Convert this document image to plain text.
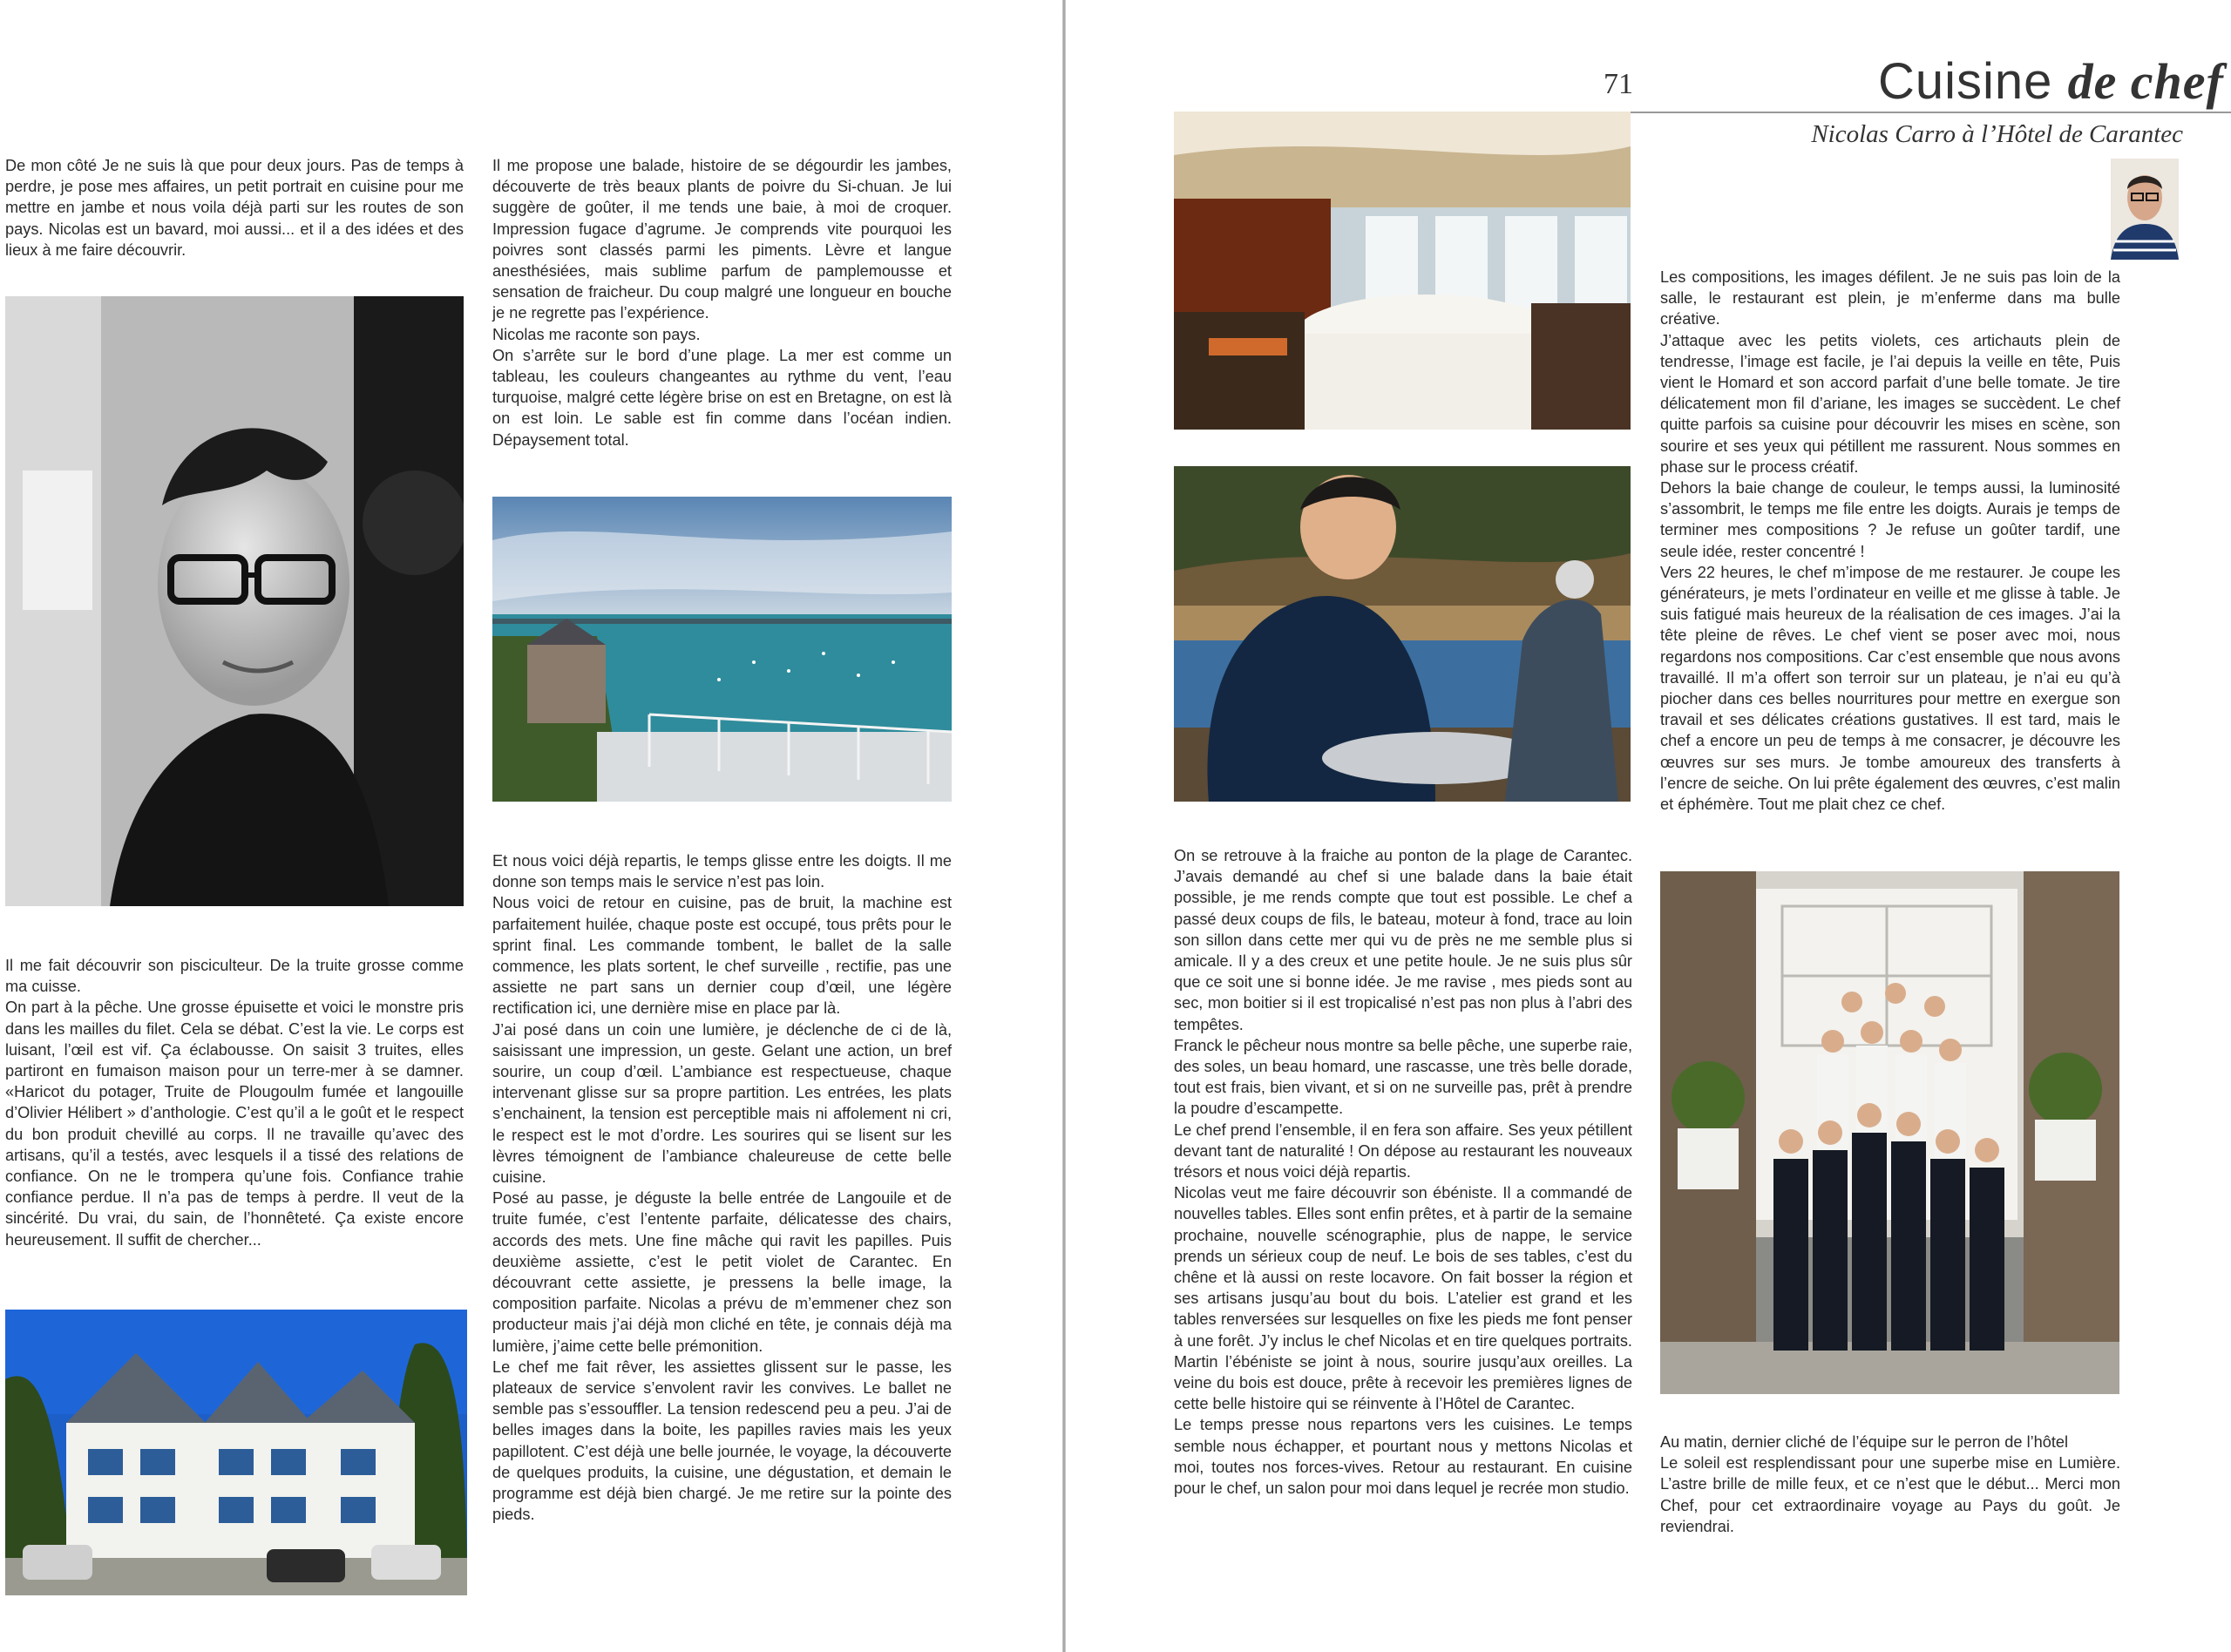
De mon côté Je ne suis là que pour deux jours. Pas de temps à perdre, je pose mes affaires, un petit portrait en cuisine pour me mettre en jambe et nous voila déjà parti sur les routes de son pays. Nicolas est un bavard, moi aussi... et il a des idées et des lieux à me faire découvrir.

Il me fait découvrir son pisciculteur. De la truite grosse comme ma cuisse.

On part à la pêche. Une grosse épuisette et voici le monstre pris dans les mailles du filet. Cela se débat. C’est la vie. Le corps est luisant, l’œil est vif. Ça éclabousse. On saisit 3 truites, elles partiront en fumaison maison pour un terre-mer à se damner. «Haricot du potager, Truite de Plougoulm fumée et langouille d’Olivier Hélibert » d’anthologie. C’est qu’il a le goût et le respect du bon produit chevillé au corps. Il ne travaille qu’avec des artisans, qu’il a testés, avec lesquels il a tissé des relations de confiance. On ne le trompera qu’une fois. Confiance trahie confiance perdue. Il n’a pas de temps à perdre. Il veut de la sincérité. Du vrai, du sain, de l’honnêteté. Ça existe encore heureusement. Il suffit de chercher...

Il me propose une balade, histoire de se dégourdir les jambes, découverte de très beaux plants de poivre du Si-chuan. Je lui suggère de goûter, il me tends une baie, à moi de croquer. Impression fugace d’agrume. Je comprends vite pourquoi les poivres sont classés parmi les piments. Lèvre et langue anesthésiées, mais sublime parfum de pamplemousse et sensation de fraicheur. Du coup malgré une longueur en bouche je ne regrette pas l’expérience.

Nicolas me raconte son pays.

On s’arrête sur le bord d’une plage. La mer est comme un tableau, les couleurs changeantes au rythme du vent, l’eau turquoise, malgré cette légère brise on est en Bretagne, on est là on est loin. Le sable est fin comme dans l’océan indien. Dépaysement total.

Et nous voici déjà repartis, le temps glisse entre les doigts. Il me donne son temps mais le service n’est pas loin.

Nous voici de retour en cuisine, pas de bruit, la machine est parfaitement huilée, chaque poste est occupé, tous prêts pour le sprint final. Les commande tombent, le ballet de la salle commence, les plats sortent, le chef surveille , rectifie, pas une assiette ne part sans un dernier coup d’œil, une légère rectification ici, une dernière mise en place par là.

J’ai posé dans un coin une lumière, je déclenche de ci de là, saisissant une impression, un geste. Gelant une action, un bref sourire, un coup d’œil. L’ambiance est respectueuse, chaque intervenant glisse sur sa propre partition. Les entrées, les plats s’enchainent, la tension est perceptible mais ni affolement ni cri, le respect est le mot d’ordre. Les sourires qui se lisent sur les lèvres témoignent de l’ambiance chaleureuse de cette belle cuisine.

Posé au passe, je déguste la belle entrée de Langouile et de truite fumée, c’est l’entente parfaite, délicatesse des chairs, accords des mets. Une fine mâche qui ravit les papilles. Puis deuxième assiette, c’est le petit violet de Carantec. En découvrant cette assiette, je pressens la belle image, la composition parfaite. Nicolas a prévu de m’emmener chez son producteur mais j’ai déjà mon cliché en tête, je connais déjà ma lumière, j’aime cette belle prémonition.

Le chef me fait rêver, les assiettes glissent sur le passe, les plateaux de service s’envolent ravir les convives. Le ballet ne semble pas s’essouffler. La tension redescend peu a peu. J’ai de belles images dans la boite, les papilles ravies mais les yeux papillotent. C’est déjà une belle journée, le voyage, la découverte de quelques produits, la cuisine, une dégustation, et demain le programme est déjà bien chargé. Je me retire sur la pointe des pieds.

71	Cuisine de chef
Nicolas Carro à l’Hôtel de Carantec

On se retrouve à la fraiche au ponton de la plage de Carantec. J’avais demandé au chef si une balade dans la baie était possible, je me rends compte que tout est possible. Le chef a passé deux coups de fils, le bateau, moteur à fond, trace au loin son sillon dans cette mer qui vu de près ne me semble plus si amicale. Il y a des creux et une petite houle. Je ne suis plus sûr que ce soit une si bonne idée. Je me ravise , mes pieds sont au sec, mon boitier si il est tropicalisé n’est pas non plus à l’abri des tempêtes.

Franck le pêcheur nous montre sa belle pêche, une superbe raie, des soles, un beau homard, une rascasse, une très belle dorade, tout est frais, bien vivant, et si on ne surveille pas, prêt à prendre la poudre d’escampette.

Le chef prend l’ensemble, il en fera son affaire. Ses yeux pétillent devant tant de naturalité ! On dépose au restaurant les nouveaux trésors et nous voici déjà repartis.

Nicolas veut me faire découvrir son ébéniste. Il a commandé de nouvelles tables. Elles sont enfin prêtes, et à partir de la semaine prochaine, nouvelle scénographie, plus de nappe, le service prends un sérieux coup de neuf. Le bois de ses tables, c’est du chêne et là aussi on reste locavore. On fait bosser la région et ses artisans jusqu’au bout du bois. L’atelier est grand et les tables renversées sur lesquelles on fixe les pieds me font penser à une forêt. J’y inclus le chef Nicolas et en tire quelques portraits. Martin l’ébéniste se joint à nous, sourire jusqu’aux oreilles. La veine du bois est douce, prête à recevoir les premières lignes de cette belle histoire qui se réinvente à l’Hôtel de Carantec.

Le temps presse nous repartons vers les cuisines. Le temps semble nous échapper, et pourtant nous y mettons Nicolas et moi, toutes nos forces-vives. Retour au restaurant. En cuisine pour le chef, un salon pour moi dans lequel je recrée mon studio.

Les compositions, les images défilent. Je ne suis pas loin de la salle, le restaurant est plein, je m’enferme dans ma bulle créative.

J’attaque avec les petits violets, ces artichauts plein de tendresse, l’image est facile, je l’ai depuis la veille en tête, Puis vient le Homard et son accord parfait d’une belle tomate. Je tire délicatement mon fil d’ariane, les images se succèdent. Le chef quitte parfois sa cuisine pour découvrir les mises en scène, son sourire et ses yeux qui pétillent me rassurent. Nous sommes en phase sur le process créatif.

Dehors la baie change de couleur, le temps aussi, la luminosité s’assombrit, le temps me file entre les doigts. Aurais je temps de terminer mes compositions ? Je refuse un goûter tardif, une seule idée, rester concentré !

Vers 22 heures, le chef m’impose de me restaurer. Je coupe les générateurs, je mets l’ordinateur en veille et me glisse à table. Je suis fatigué mais heureux de la réalisation de ces images. J’ai la tête pleine de rêves. Le chef vient se poser avec moi, nous regardons nos compositions. Car c’est ensemble que nous avons travaillé. Il m’a offert son terroir sur un plateau, je n’ai eu qu’à piocher dans ces belles nourritures pour mettre en exergue son travail et ses délicates créations gustatives. Il est tard, mais le chef a encore un peu de temps à me consacrer, je découvre les œuvres sur ses murs. Je tombe amoureux des transferts à l’encre de seiche. On lui prête également des œuvres, c’est malin et éphémère. Tout me plait chez ce chef.

Au matin, dernier cliché de l’équipe sur le perron de l’hôtel

Le soleil est resplendissant pour une superbe mise en Lumière. L’astre brille de mille feux, et ce n’est que le début... Merci mon Chef, pour cet extraordinaire voyage au Pays du goût. Je reviendrai.
